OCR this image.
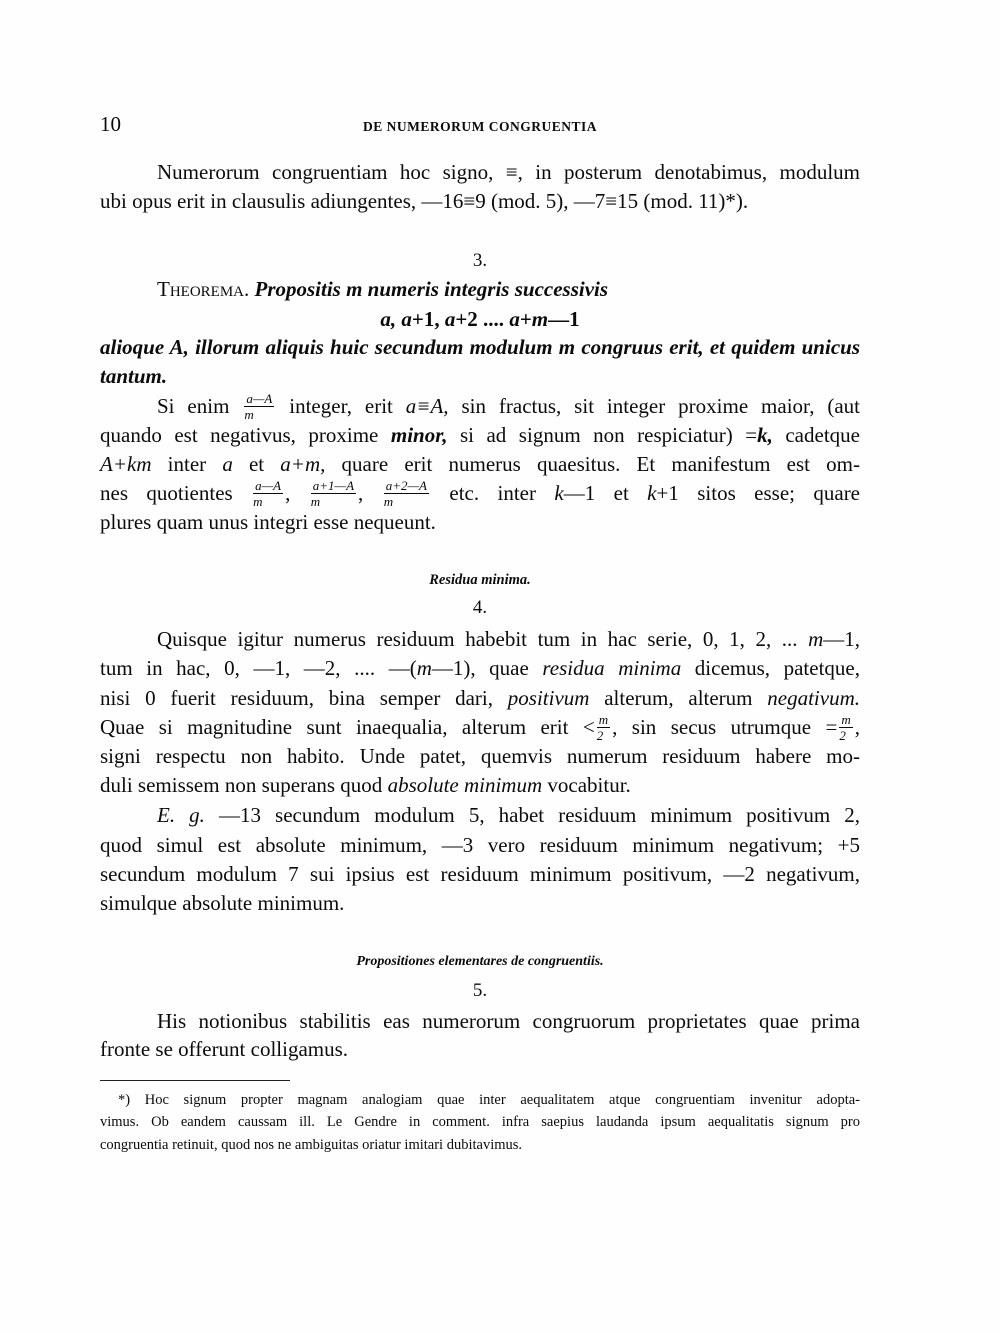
10	DE NUMERORUM CONGRUENTIA
Numerorum congruentiam hoc signo, ≡, in posterum denotabimus, modulum
ubi opus erit in clausulis adiungentes, —16≡9 (mod. 5), —7≡15 (mod. 11)*).
3.
Theorema. Propositis m numeris integris successivis
a, a+1, a+2 .... a+m—1
alioque A, illorum aliquis huic secundum modulum m congruus erit, et quidem unicus
tantum.
Si enim $\frac{a—A}{m}$ integer, erit a≡A, sin fractus, sit integer proxime maior, (aut
quando est negativus, proxime minor, si ad signum non respiciatur) =k, cadetque
A+km inter a et a+m, quare erit numerus quaesitus. Et manifestum est om-
nes quotientes $\frac{a—A}{m}$ , $\frac{a+1—A}{m}$ , $\frac{a+2—A}{m}$ etc. inter k—1 et k+1 sitos esse; quare
plures quam unus integri esse nequeunt.
Residua minima.
4.
Quisque igitur numerus residuum habebit tum in hac serie, 0, 1, 2, ... m—1,
tum in hac, 0, —1, —2, .... —(m—1), quae residua minima dicemus, patetque,
nisi 0 fuerit residuum, bina semper dari, positivum alterum, alterum negativum.
Quae si magnitudine sunt inaequalia, alterum erit < $\frac{m}{2}$ , sin secus utrumque = $\frac{m}{2}$ ,
signi respectu non habito. Unde patet, quemvis numerum residuum habere mo-
duli semissem non superans quod absolute minimum vocabitur.
E. g. —13 secundum modulum 5, habet residuum minimum positivum 2,
quod simul est absolute minimum, —3 vero residuum minimum negativum; +5
secundum modulum 7 sui ipsius est residuum minimum positivum, —2 negativum,
simulque absolute minimum.
Propositiones elementares de congruentiis.
5.
His notionibus stabilitis eas numerorum congruorum proprietates quae prima
fronte se offerunt colligamus.
*) Hoc signum propter magnam analogiam quae inter aequalitatem atque congruentiam invenitur adopta-
vimus. Ob eandem caussam ill. Le Gendre in comment. infra saepius laudanda ipsum aequalitatis signum pro
congruentia retinuit, quod nos ne ambiguitas oriatur imitari dubitavimus.
